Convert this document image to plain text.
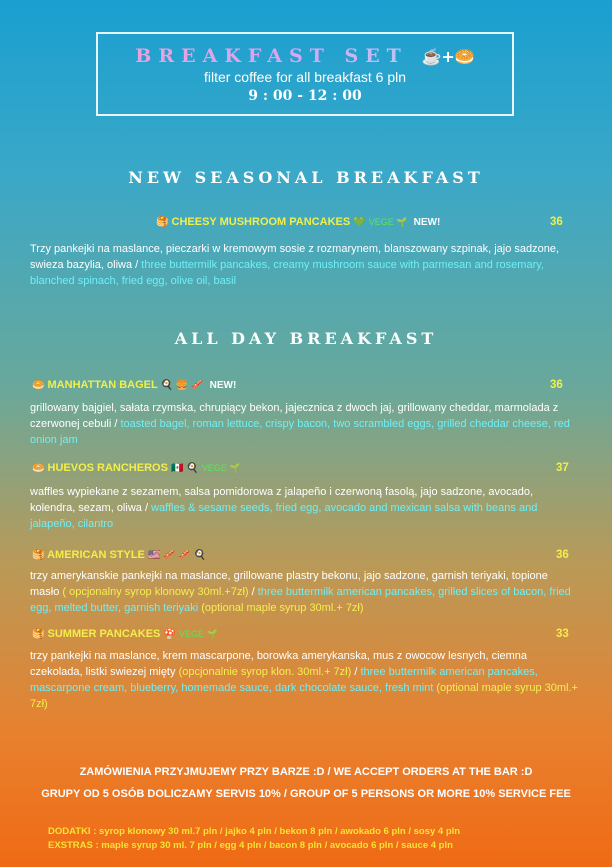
BREAKFAST SET ☕+🥯
filter coffee for all breakfast 6 pln
9 : 00 - 12 : 00
NEW SEASONAL BREAKFAST
🥞 CHEESY MUSHROOM PANCAKES 💚 VEGE 🌱 NEW!	36
Trzy pankejki na maslance, pieczarki w kremowym sosie z rozmarynem, blanszowany szpinak, jajo sadzone, swieza bazylia, oliwa / three buttermilk pancakes, creamy mushroom sauce with parmesan and rosemary, blanched spinach, fried egg, olive oil, basil
ALL DAY BREAKFAST
🥯 MANHATTAN BAGEL 🍳 🍔 🥓 NEW!	36
grillowany bajgiel, sałata rzymska, chrupiący bekon, jajecznica z dwoch jaj, grillowany cheddar, marmolada z czerwonej cebuli / toasted bagel, roman lettuce, crispy bacon, two scrambled eggs, grilled cheddar cheese, red onion jam
🥯 HUEVOS RANCHEROS 🇲🇽 🍳 VEGE 🌱	37
waffles wypiekane z sezamem, salsa pomidorowa z jalapeño i czerwoną fasolą, jajo sadzone, avocado, kolendra, sezam, oliwa / waffles & sesame seeds, fried egg, avocado and mexican salsa with beans and jalapeño, cilantro
🥞 AMERICAN STYLE 🇺🇸 🥓 🥓 🍳	36
trzy amerykanskie pankejki na maslance, grillowane plastry bekonu, jajo sadzone, garnish teriyaki, topione masło ( opcjonalny syrop klonowy 30ml.+7zł) / three buttermilk american pancakes, grilled slices of bacon, fried egg, melted butter, garnish teriyaki (optional maple syrup 30ml.+ 7zł)
🥞 SUMMER PANCAKES 🍄 VEGE 🌱	33
trzy pankejki na maslance, krem mascarpone, borowka amerykanska, mus z owocow lesnych, ciemna czekolada, listki swiezej mięty (opcjonalnie syrop klon. 30ml.+ 7zł) / three buttermilk american pancakes, mascarpone cream, blueberry, homemade sauce, dark chocolate sauce, fresh mint (optional maple syrup 30ml.+ 7zł)
ZAMÓWIENIA PRZYJMUJEMY PRZY BARZE :D / WE ACCEPT ORDERS AT THE BAR :D
GRUPY OD 5 OSÓB DOLICZAMY SERVIS 10% / GROUP OF 5 PERSONS OR MORE 10% SERVICE FEE
DODATKI : syrop klonowy 30 ml.7 pln / jajko 4 pln / bekon 8 pln / awokado 6 pln / sosy 4 pln
EXSTRAS : maple syrup 30 ml. 7 pln / egg 4 pln / bacon 8 pln / avocado 6 pln / sauce 4 pln
